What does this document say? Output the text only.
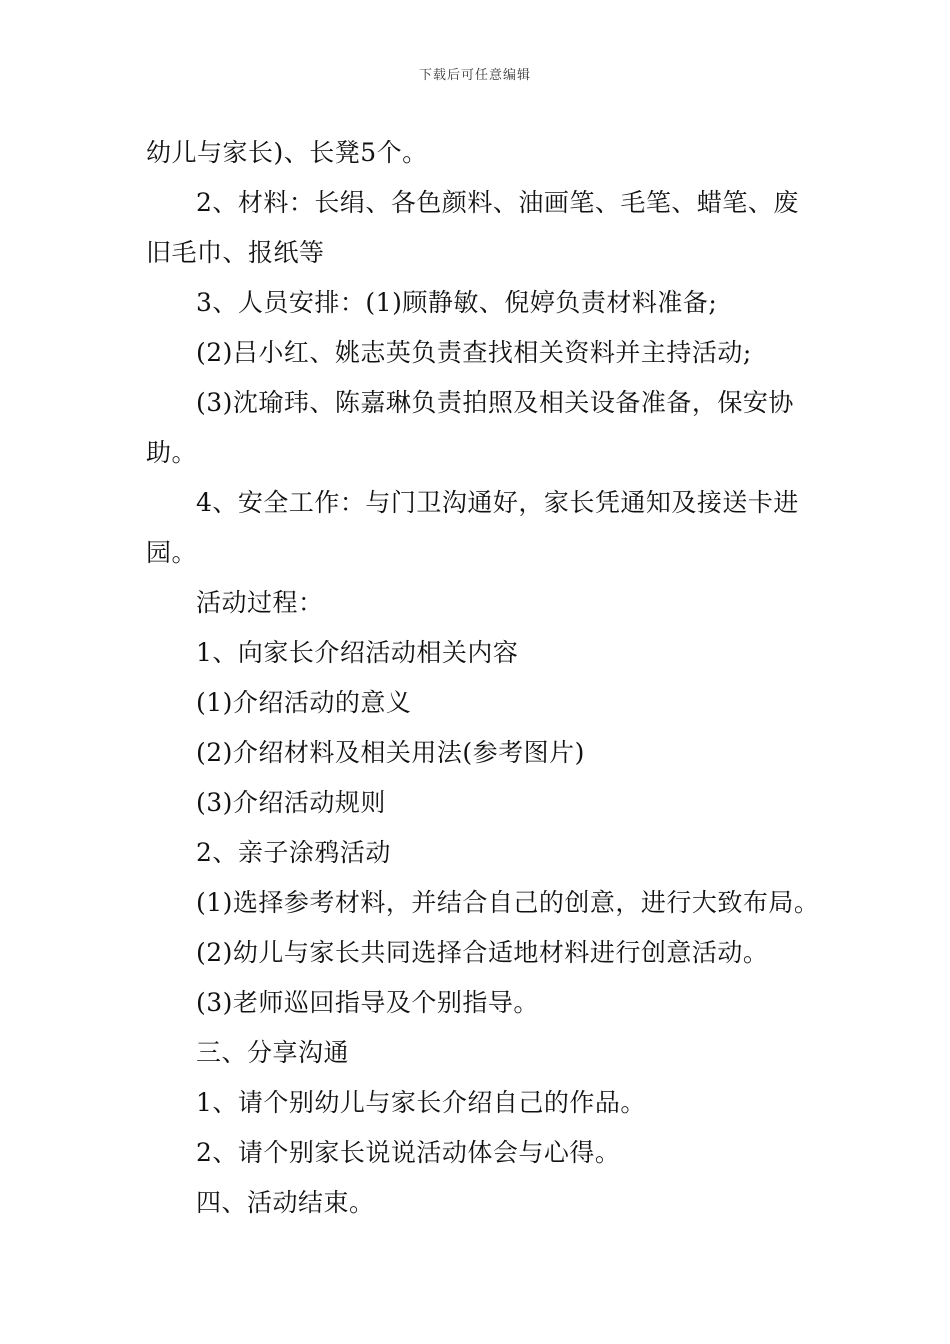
下载后可任意编辑
幼儿与家长)、长凳5个。
2、材料：长绢、各色颜料、油画笔、毛笔、蜡笔、废
旧毛巾、报纸等
3、人员安排：(1)顾静敏、倪婷负责材料准备;
(2)吕小红、姚志英负责查找相关资料并主持活动;
(3)沈瑜玮、陈嘉琳负责拍照及相关设备准备，保安协
助。
4、安全工作：与门卫沟通好，家长凭通知及接送卡进
园。
活动过程：
1、向家长介绍活动相关内容
(1)介绍活动的意义
(2)介绍材料及相关用法(参考图片)
(3)介绍活动规则
2、亲子涂鸦活动
(1)选择参考材料，并结合自己的创意，进行大致布局。
(2)幼儿与家长共同选择合适地材料进行创意活动。
(3)老师巡回指导及个别指导。
三、分享沟通
1、请个别幼儿与家长介绍自己的作品。
2、请个别家长说说活动体会与心得。
四、活动结束。
